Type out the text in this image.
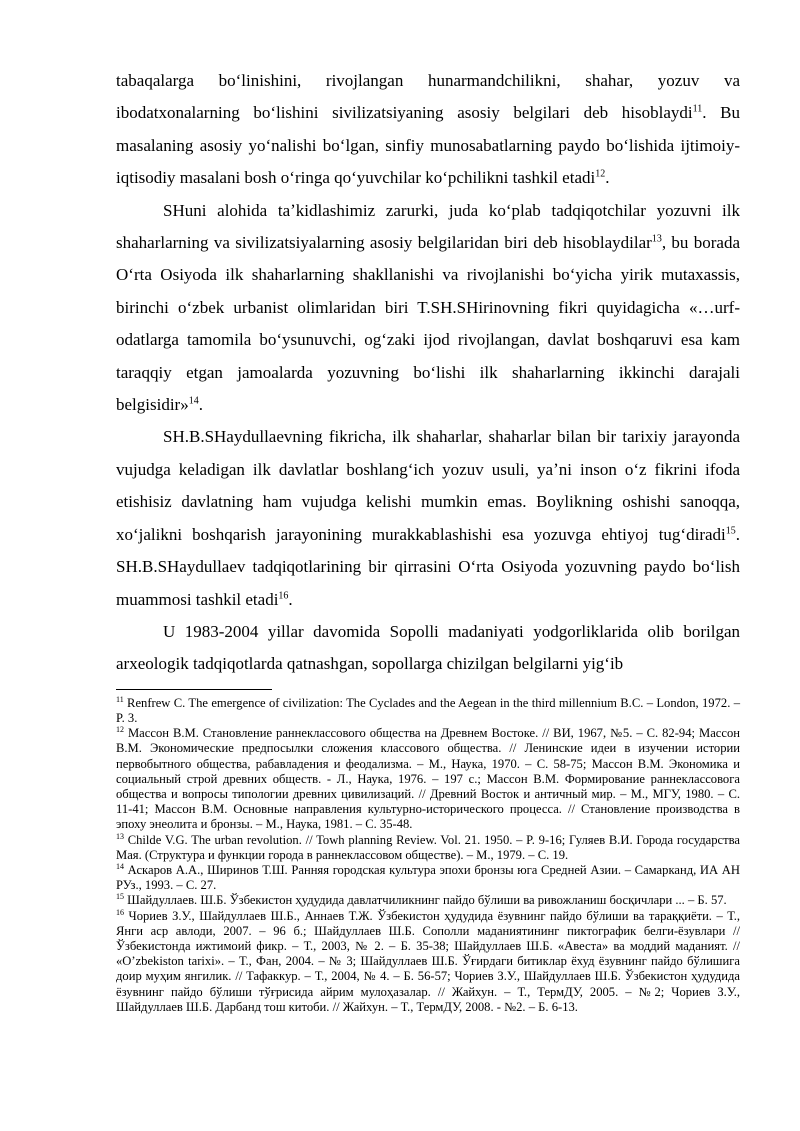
tabaqalarga boʻlinishini, rivojlangan hunarmandchilikni, shahar, yozuv va ibodatxonalarning boʻlishini sivilizatsiyaning asosiy belgilari deb hisoblaydi$^{11}$. Bu masalaning asosiy yoʻnalishi boʻlgan, sinfiy munosabatlarning paydo boʻlishida ijtimoiy-iqtisodiy masalani bosh oʻringa qoʻyuvchilar koʻpchilikni tashkil etadi$^{12}$.

SHuni alohida taʼkidlashimiz zarurki, juda koʻplab tadqiqotchilar yozuvni ilk shaharlarning va sivilizatsiyalarning asosiy belgilaridan biri deb hisoblaydilar$^{13}$, bu borada Oʻrta Osiyoda ilk shaharlarning shakllanishi va rivojlanishi boʻyicha yirik mutaxassis, birinchi oʻzbek urbanist olimlaridan biri T.SH.SHirinovning fikri quyidagicha «…urf-odatlarga tamomila boʻysunuvchi, ogʻzaki ijod rivojlangan, davlat boshqaruvi esa kam taraqqiy etgan jamoalarda yozuvning boʻlishi ilk shaharlarning ikkinchi darajali belgisidir»$^{14}$.

SH.B.SHaydullaevning fikricha, ilk shaharlar, shaharlar bilan bir tarixiy jarayonda vujudga keladigan ilk davlatlar boshlangʻich yozuv usuli, yaʼni inson oʻz fikrini ifoda etishisiz davlatning ham vujudga kelishi mumkin emas. Boylikning oshishi sanoqqa, xoʻjalikni boshqarish jarayonining murakkablashishi esa yozuvga ehtiyoj tugʻdiradi$^{15}$. SH.B.SHaydullaev tadqiqotlarining bir qirrasini Oʻrta Osiyoda yozuvning paydo boʻlish muammosi tashkil etadi$^{16}$.

U 1983-2004 yillar davomida Sopolli madaniyati yodgorliklarida olib borilgan arxeologik tadqiqotlarda qatnashgan, sopollarga chizilgan belgilarni yigʻib

$^{11}$ Renfrew C. The emergence of civilization: The Cyclades and the Aegean in the third millennium B.C. – London, 1972. – P. 3.

$^{12}$ Массон В.М. Становление раннеклассового общества на Древнем Востоке. // ВИ, 1967, №5. – С. 82-94; Массон В.М. Экономические предпосылки сложения классового общества. // Ленинские идеи в изучении истории первобытного общества, рабавладения и феодализма. – М., Наука, 1970. – С. 58-75; Массон В.М. Экономика и социальный строй древних обществ. - Л., Наука, 1976. – 197 с.; Массон В.М. Формирование раннеклассовога общества и вопросы типологии древних цивилизаций. // Древний Восток и античный мир. – М., МГУ, 1980. – С. 11-41; Массон В.М. Основные направления культурно-исторического процесса. // Становление производства в эпоху энеолита и бронзы. – М., Наука, 1981. – С. 35-48.

$^{13}$ Childe V.G. The urban revolution. // Towh planning Review. Vol. 21. 1950. – P. 9-16; Гуляев В.И. Города государства Мая. (Структура и функции города в раннеклассовом обществе). – М., 1979. – С. 19.

$^{14}$ Аскаров А.А., Ширинов Т.Ш. Ранняя городская культура эпохи бронзы юга Средней Азии. – Самарканд, ИА АН РУз., 1993. – С. 27.

$^{15}$ Шайдуллаев. Ш.Б. Ўзбекистон ҳудудида давлатчиликнинг пайдо бўлиши ва ривожланиш босқичлари ... – Б. 57.

$^{16}$ Чориев З.У., Шайдуллаев Ш.Б., Аннаев Т.Ж. Ўзбекистон ҳудудида ёзувнинг пайдо бўлиши ва тараққиёти. – Т., Янги аср авлоди, 2007. – 96 б.; Шайдуллаев Ш.Б. Сополли маданиятининг пиктографик белги-ёзувлари // Ўзбекистонда ижтимоий фикр. – Т., 2003, № 2. – Б. 35-38; Шайдуллаев Ш.Б. «Авеста» ва моддий маданият. // «O’zbekiston tarixi». – Т., Фан, 2004. – № 3; Шайдуллаев Ш.Б. Ўғирдаги битиклар ёхуд ёзувнинг пайдо бўлишига доир муҳим янгилик. // Тафаккур. – Т., 2004, № 4. – Б. 56-57; Чориев З.У., Шайдуллаев Ш.Б. Ўзбекистон ҳудудида ёзувнинг пайдо бўлиши тўғрисида айрим мулоҳазалар. // Жайхун. – Т., ТермДУ, 2005. – №2; Чориев З.У., Шайдуллаев Ш.Б. Дарбанд тош китоби. // Жайхун. – Т., ТермДУ, 2008. - №2. – Б. 6-13.
